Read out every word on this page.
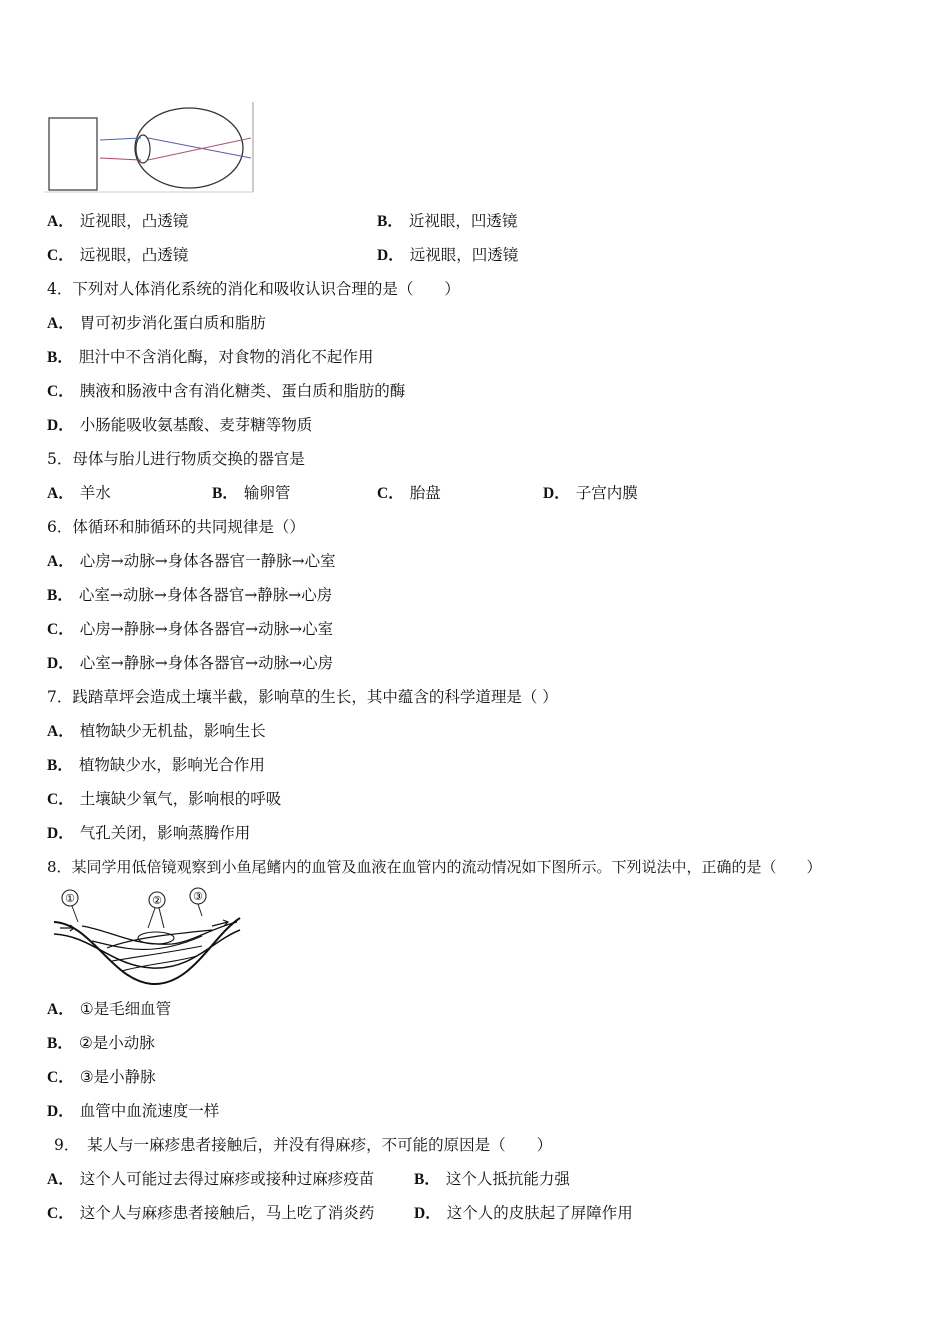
A． 近视眼，凸透镜	B． 近视眼，凹透镜
C． 远视眼，凸透镜	D． 远视眼，凹透镜
4．下列对人体消化系统的消化和吸收认识合理的是（　　）
A． 胃可初步消化蛋白质和脂肪
B． 胆汁中不含消化酶，对食物的消化不起作用
C． 胰液和肠液中含有消化糖类、蛋白质和脂肪的酶
D． 小肠能吸收氨基酸、麦芽糖等物质
5．母体与胎儿进行物质交换的器官是
A． 羊水	B． 输卵管	C． 胎盘	D． 子宫内膜
6．体循环和肺循环的共同规律是（）
A． 心房→动脉→身体各器官一静脉→心室
B． 心室→动脉→身体各器官→静脉→心房
C． 心房→静脉→身体各器官→动脉→心室
D． 心室→静脉→身体各器官→动脉→心房
7．践踏草坪会造成土壤半截，影响草的生长，其中蕴含的科学道理是（ ）
A． 植物缺少无机盐，影响生长
B． 植物缺少水，影响光合作用
C． 土壤缺少氧气，影响根的呼吸
D． 气孔关闭，影响蒸腾作用
8．某同学用低倍镜观察到小鱼尾鳍内的血管及血液在血管内的流动情况如下图所示。下列说法中，正确的是（　　）
①	②	③
A． ①是毛细血管
B． ②是小动脉
C． ③是小静脉
D． 血管中血流速度一样
9．　某人与一麻疹患者接触后，并没有得麻疹，不可能的原因是（　　）
A． 这个人可能过去得过麻疹或接种过麻疹疫苗	B． 这个人抵抗能力强
C． 这个人与麻疹患者接触后，马上吃了消炎药	D． 这个人的皮肤起了屏障作用
